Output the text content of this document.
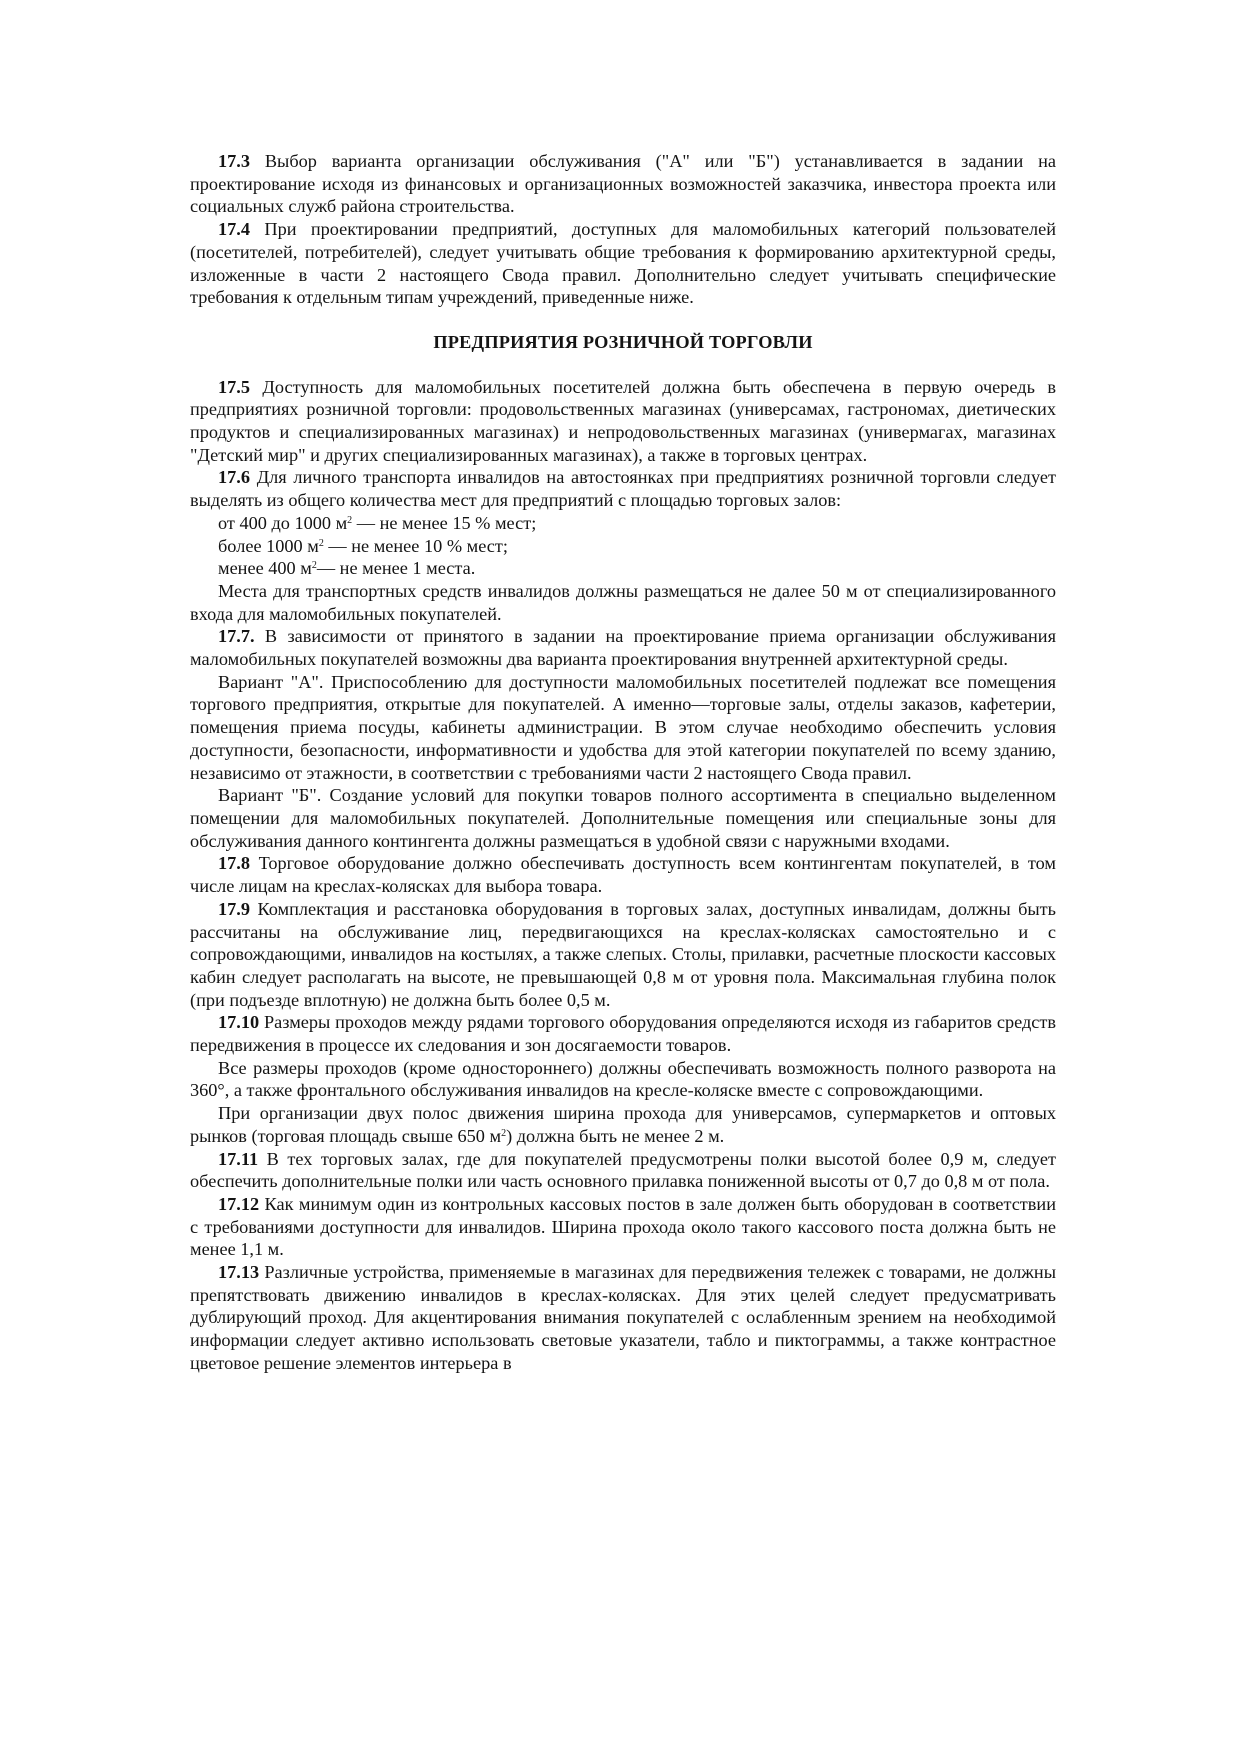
17.3 Выбор варианта организации обслуживания ("А" или "Б") устанавливается в задании на проектирование исходя из финансовых и организационных возможностей заказчика, инвестора проекта или социальных служб района строительства.

17.4 При проектировании предприятий, доступных для маломобильных категорий пользователей (посетителей, потребителей), следует учитывать общие требования к формированию архитектурной среды, изложенные в части 2 настоящего Свода правил. Дополнительно следует учитывать специфические требования к отдельным типам учреждений, приведенные ниже.

ПРЕДПРИЯТИЯ РОЗНИЧНОЙ ТОРГОВЛИ

17.5 Доступность для маломобильных посетителей должна быть обеспечена в первую очередь в предприятиях розничной торговли: продовольственных магазинах (универсамах, гастрономах, диетических продуктов и специализированных магазинах) и непродовольственных магазинах (универмагах, магазинах "Детский мир" и других специализированных магазинах), а также в торговых центрах.

17.6 Для личного транспорта инвалидов на автостоянках при предприятиях розничной торговли следует выделять из общего количества мест для предприятий с площадью торговых залов:

от 400 до 1000 $м^2$ — не менее 15 % мест;

более 1000 $м^2$ — не менее 10 % мест;

менее 400 $м^2—$ не менее 1 места.

Места для транспортных средств инвалидов должны размещаться не далее 50 м от специализированного входа для маломобильных покупателей.

17.7. В зависимости от принятого в задании на проектирование приема организации обслуживания маломобильных покупателей возможны два варианта проектирования внутренней архитектурной среды.

Вариант "А". Приспособлению для доступности маломобильных посетителей подлежат все помещения торгового предприятия, открытые для покупателей. А именно—торговые залы, отделы заказов, кафетерии, помещения приема посуды, кабинеты администрации. В этом случае необходимо обеспечить условия доступности, безопасности, информативности и удобства для этой категории покупателей по всему зданию, независимо от этажности, в соответствии с требованиями части 2 настоящего Свода правил.

Вариант "Б". Создание условий для покупки товаров полного ассортимента в специально выделенном помещении для маломобильных покупателей. Дополнительные помещения или специальные зоны для обслуживания данного контингента должны размещаться в удобной связи с наружными входами.

17.8 Торговое оборудование должно обеспечивать доступность всем контингентам покупателей, в том числе лицам на креслах-колясках для выбора товара.

17.9 Комплектация и расстановка оборудования в торговых залах, доступных инвалидам, должны быть рассчитаны на обслуживание лиц, передвигающихся на креслах-колясках самостоятельно и с сопровождающими, инвалидов на костылях, а также слепых. Столы, прилавки, расчетные плоскости кассовых кабин следует располагать на высоте, не превышающей 0,8 м от уровня пола. Максимальная глубина полок (при подъезде вплотную) не должна быть более 0,5 м.

17.10 Размеры проходов между рядами торгового оборудования определяются исходя из габаритов средств передвижения в процессе их следования и зон досягаемости товаров.

Все размеры проходов (кроме одностороннего) должны обеспечивать возможность полного разворота на 360°, а также фронтального обслуживания инвалидов на кресле-коляске вместе с сопровождающими.

При организации двух полос движения ширина прохода для универсамов, супермаркетов и оптовых рынков (торговая площадь свыше 650 $м^2$) должна быть не менее 2 м.

17.11 В тех торговых залах, где для покупателей предусмотрены полки высотой более 0,9 м, следует обеспечить дополнительные полки или часть основного прилавка пониженной высоты от 0,7 до 0,8 м от пола.

17.12 Как минимум один из контрольных кассовых постов в зале должен быть оборудован в соответствии с требованиями доступности для инвалидов. Ширина прохода около такого кассового поста должна быть не менее 1,1 м.

17.13 Различные устройства, применяемые в магазинах для передвижения тележек с товарами, не должны препятствовать движению инвалидов в креслах-колясках. Для этих целей следует предусматривать дублирующий проход. Для акцентирования внимания покупателей с ослабленным зрением на необходимой информации следует активно использовать световые указатели, табло и пиктограммы, а также контрастное цветовое решение элементов интерьера в
